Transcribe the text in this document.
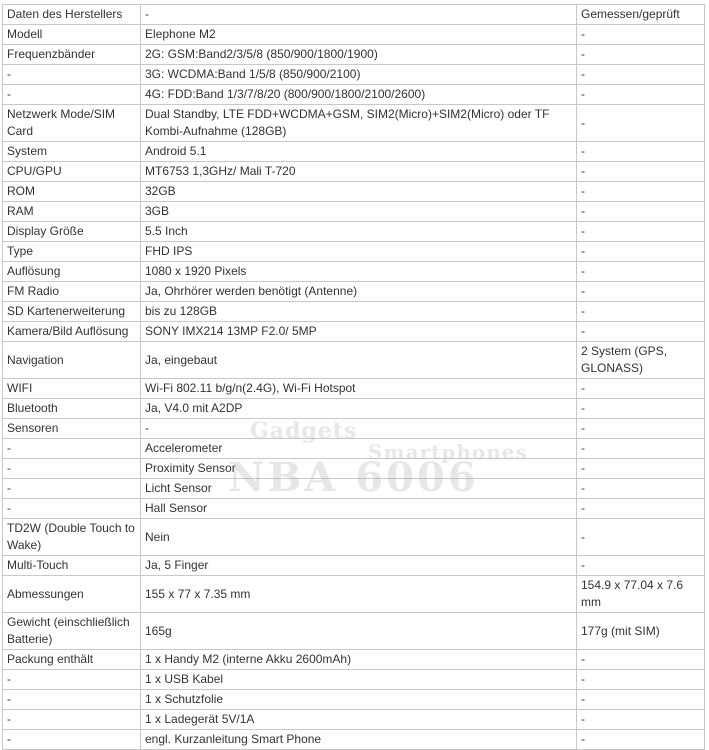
Daten des Herstellers	-	Gemessen/geprüft
Modell	Elephone M2	-
Frequenzbänder	2G: GSM:Band2/3/5/8 (850/900/1800/1900)	-
-	3G: WCDMA:Band 1/5/8 (850/900/2100)	-
-	4G: FDD:Band 1/3/7/8/20 (800/900/1800/2100/2600)	-
Netzwerk Mode/SIM Card	Dual Standby, LTE FDD+WCDMA+GSM, SIM2(Micro)+SIM2(Micro) oder TF Kombi-Aufnahme (128GB)	-
System	Android 5.1	-
CPU/GPU	MT6753 1,3GHz/ Mali T-720	-
ROM	32GB	-
RAM	3GB	-
Display Größe	5.5 Inch	-
Type	FHD IPS	-
Auflösung	1080 x 1920 Pixels	-
FM Radio	Ja, Ohrhörer werden benötigt (Antenne)	-
SD Kartenerweiterung	bis zu 128GB	-
Kamera/Bild Auflösung	SONY IMX214 13MP F2.0/ 5MP	-
Navigation	Ja, eingebaut	2 System (GPS, GLONASS)
WIFI	Wi-Fi 802.11 b/g/n(2.4G), Wi-Fi Hotspot	-
Bluetooth	Ja, V4.0 mit A2DP	-
Sensoren	-	-
-	Accelerometer	-
-	Proximity Sensor	-
-	Licht Sensor	-
-	Hall Sensor	-
TD2W (Double Touch to Wake)	Nein	-
Multi-Touch	Ja, 5 Finger	-
Abmessungen	155 x 77 x 7.35 mm	154.9 x 77.04 x 7.6 mm
Gewicht (einschließlich Batterie)	165g	177g (mit SIM)
Packung enthält	1 x Handy M2 (interne Akku 2600mAh)	-
-	1 x USB Kabel	-
-	1 x Schutzfolie	-
-	1 x Ladegerät 5V/1A	-
-	engl. Kurzanleitung Smart Phone	-
Gadgets
Smartphones
NBA 6006
